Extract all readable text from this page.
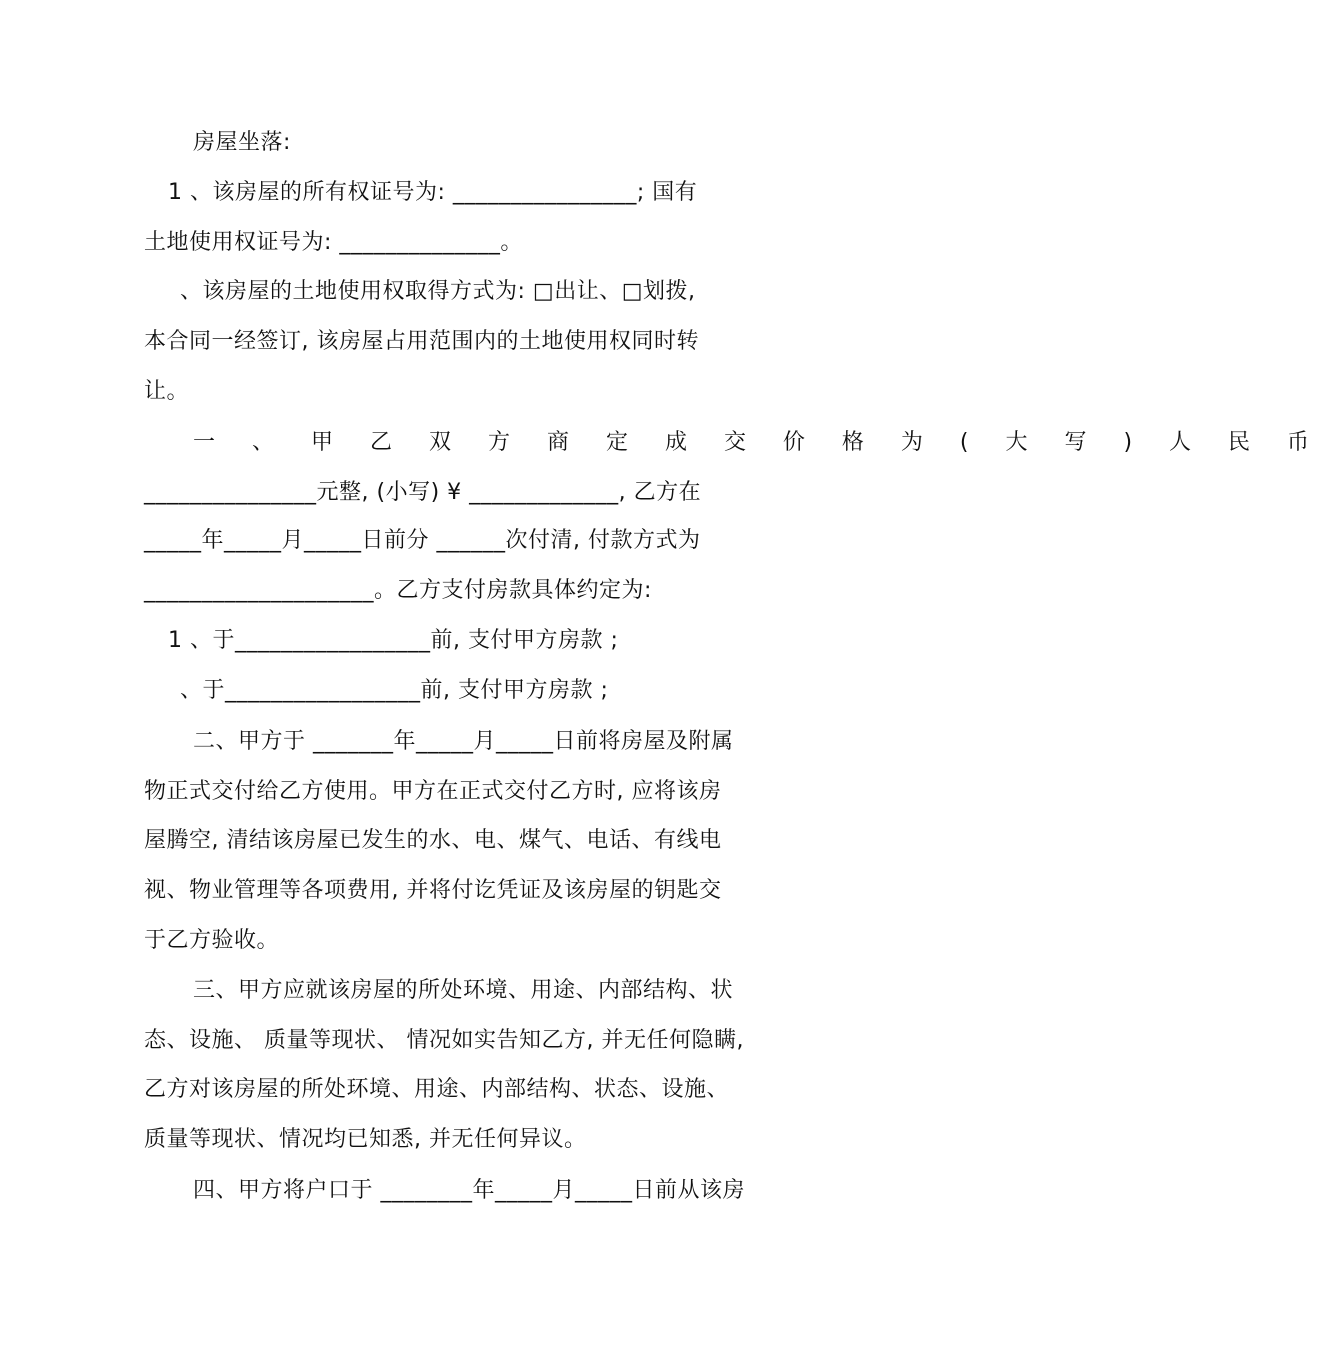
房屋坐落:
1 、该房屋的所有权证号为: ________________; 国有
土地使用权证号为: ______________。
、该房屋的土地使用权取得方式为: □出让、□划拨,
本合同一经签订, 该房屋占用范围内的土地使用权同时转
让。
一 、 甲 乙 双 方 商 定 成 交 价 格 为 ( 大 写 ) 人 民 币
_______________元整, (小写) ¥ _____________, 乙方在
_____年_____月_____日前分 ______次付清, 付款方式为
____________________。乙方支付房款具体约定为:
1 、于_________________前, 支付甲方房款 ;
、于_________________前, 支付甲方房款 ;
二、甲方于 _______年_____月_____日前将房屋及附属
物正式交付给乙方使用。甲方在正式交付乙方时, 应将该房
屋腾空, 清结该房屋已发生的水、电、煤气、电话、有线电
视、物业管理等各项费用, 并将付讫凭证及该房屋的钥匙交
于乙方验收。
三、甲方应就该房屋的所处环境、用途、内部结构、状
态、设施、 质量等现状、 情况如实告知乙方, 并无任何隐瞒,
乙方对该房屋的所处环境、用途、内部结构、状态、设施、
质量等现状、情况均已知悉, 并无任何异议。
四、甲方将户口于 ________年_____月_____日前从该房
